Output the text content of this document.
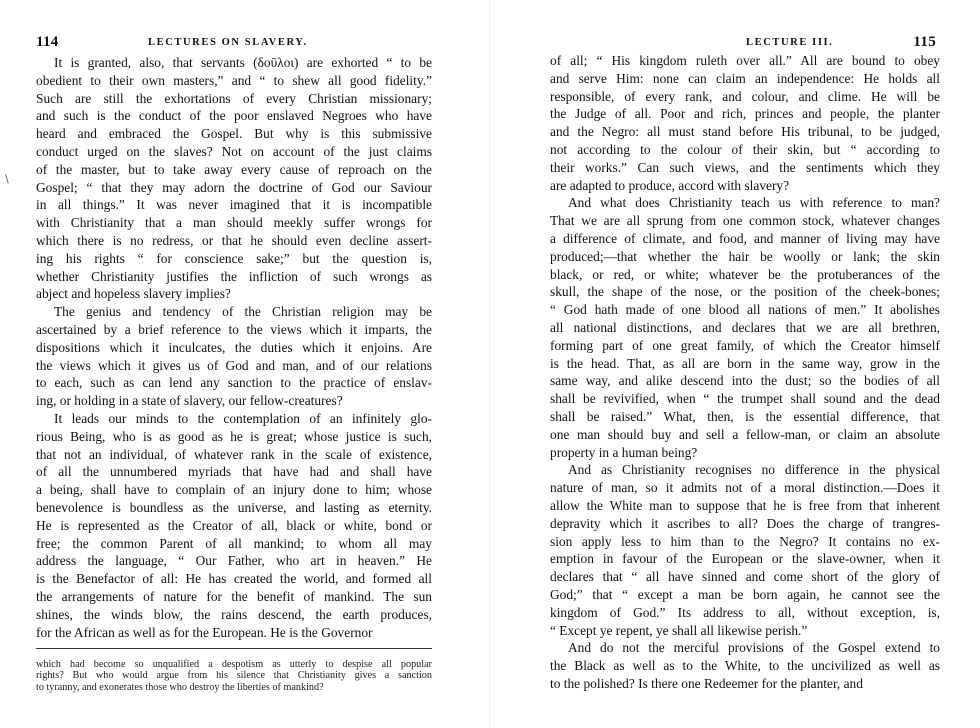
114	LECTURES ON SLAVERY.
\
It is granted, also, that servants (δοῦλοι) are exhorted “ to be
obedient to their own masters,” and “ to shew all good fidelity.”
Such are still the exhortations of every Christian missionary;
and such is the conduct of the poor enslaved Negroes who have
heard and embraced the Gospel. But why is this submissive
conduct urged on the slaves? Not on account of the just claims
of the master, but to take away every cause of reproach on the
Gospel; “ that they may adorn the doctrine of God our Saviour
in all things.” It was never imagined that it is incompatible
with Christianity that a man should meekly suffer wrongs for
which there is no redress, or that he should even decline assert-
ing his rights “ for conscience sake;” but the question is,
whether Christianity justifies the infliction of such wrongs as
abject and hopeless slavery implies?
The genius and tendency of the Christian religion may be
ascertained by a brief reference to the views which it imparts, the
dispositions which it inculcates, the duties which it enjoins. Are
the views which it gives us of God and man, and of our relations
to each, such as can lend any sanction to the practice of enslav-
ing, or holding in a state of slavery, our fellow-creatures?
It leads our minds to the contemplation of an infinitely glo-
rious Being, who is as good as he is great; whose justice is such,
that not an individual, of whatever rank in the scale of existence,
of all the unnumbered myriads that have had and shall have
a being, shall have to complain of an injury done to him; whose
benevolence is boundless as the universe, and lasting as eternity.
He is represented as the Creator of all, black or white, bond or
free; the common Parent of all mankind; to whom all may
address the language, “ Our Father, who art in heaven.” He
is the Benefactor of all: He has created the world, and formed all
the arrangements of nature for the benefit of mankind. The sun
shines, the winds blow, the rains descend, the earth produces,
for the African as well as for the European. He is the Governor
which had become so unqualified a despotism as utterly to despise all popular
rights? But who would argue from his silence that Christianity gives a sanction
to tyranny, and exonerates those who destroy the liberties of mankind?
LECTURE III.	115
of all; “ His kingdom ruleth over all.” All are bound to obey
and serve Him: none can claim an independence: He holds all
responsible, of every rank, and colour, and clime. He will be
the Judge of all. Poor and rich, princes and people, the planter
and the Negro: all must stand before His tribunal, to be judged,
not according to the colour of their skin, but “ according to
their works.” Can such views, and the sentiments which they
are adapted to produce, accord with slavery?
And what does Christianity teach us with reference to man?
That we are all sprung from one common stock, whatever changes
a difference of climate, and food, and manner of living may have
produced;—that whether the hair be woolly or lank; the skin
black, or red, or white; whatever be the protuberances of the
skull, the shape of the nose, or the position of the cheek-bones;
“ God hath made of one blood all nations of men.” It abolishes
all national distinctions, and declares that we are all brethren,
forming part of one great family, of which the Creator himself
is the head. That, as all are born in the same way, grow in the
same way, and alike descend into the dust; so the bodies of all
shall be revivified, when “ the trumpet shall sound and the dead
shall be raised.” What, then, is the essential difference, that
one man should buy and sell a fellow-man, or claim an absolute
property in a human being?
And as Christianity recognises no difference in the physical
nature of man, so it admits not of a moral distinction.—Does it
allow the White man to suppose that he is free from that inherent
depravity which it ascribes to all? Does the charge of trangres-
sion apply less to him than to the Negro? It contains no ex-
emption in favour of the European or the slave-owner, when it
declares that “ all have sinned and come short of the glory of
God;” that “ except a man be born again, he cannot see the
kingdom of God.” Its address to all, without exception, is,
“ Except ye repent, ye shall all likewise perish.”
And do not the merciful provisions of the Gospel extend to
the Black as well as to the White, to the uncivilized as well as
to the polished? Is there one Redeemer for the planter, and
